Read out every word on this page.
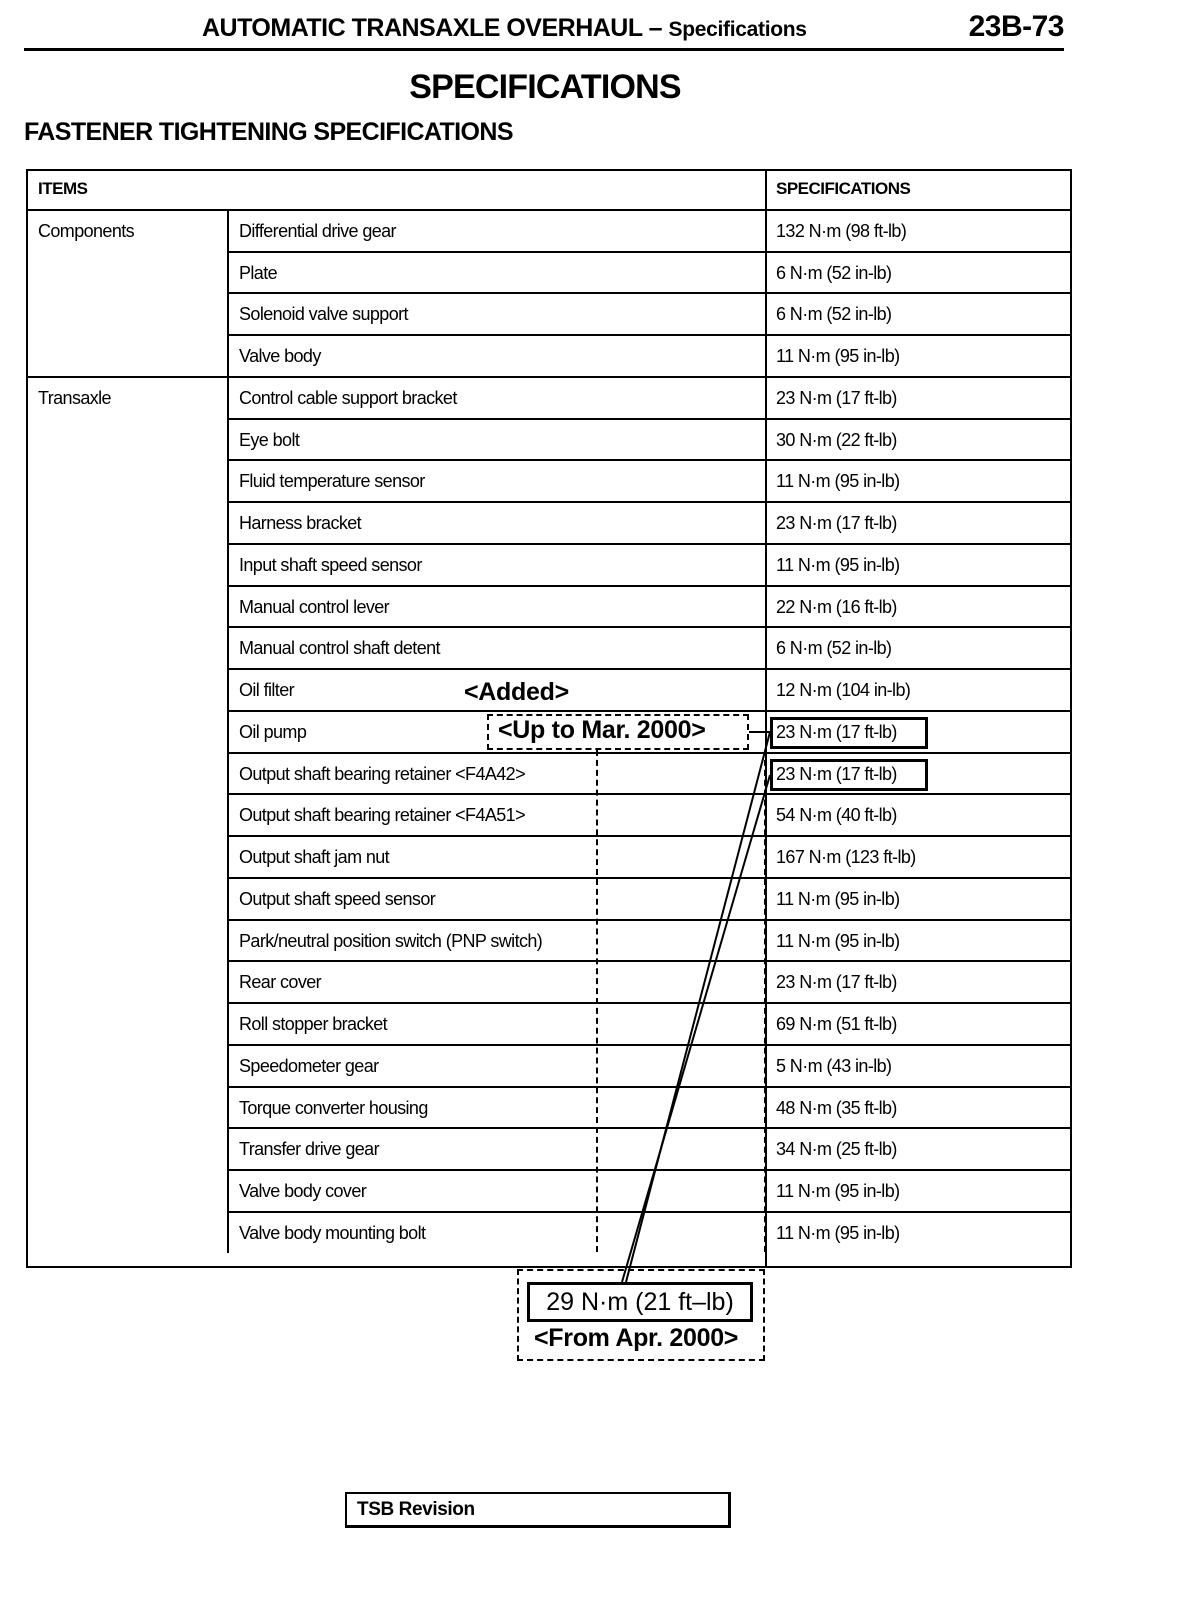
AUTOMATIC TRANSAXLE OVERHAUL – Specifications	23B-73
SPECIFICATIONS
FASTENER TIGHTENING SPECIFICATIONS
ITEMS	SPECIFICATIONS
Components	Differential drive gear	132 N·m (98 ft-lb)
Plate	6 N·m (52 in-lb)
Solenoid valve support	6 N·m (52 in-lb)
Valve body	11 N·m (95 in-lb)
Transaxle	Control cable support bracket	23 N·m (17 ft-lb)
Eye bolt	30 N·m (22 ft-lb)
Fluid temperature sensor	11 N·m (95 in-lb)
Harness bracket	23 N·m (17 ft-lb)
Input shaft speed sensor	11 N·m (95 in-lb)
Manual control lever	22 N·m (16 ft-lb)
Manual control shaft detent	6 N·m (52 in-lb)
Oil filter	12 N·m (104 in-lb)
Oil pump	23 N·m (17 ft-lb)
Output shaft bearing retainer <F4A42>	23 N·m (17 ft-lb)
Output shaft bearing retainer <F4A51>	54 N·m (40 ft-lb)
Output shaft jam nut	167 N·m (123 ft-lb)
Output shaft speed sensor	11 N·m (95 in-lb)
Park/neutral position switch (PNP switch)	11 N·m (95 in-lb)
Rear cover	23 N·m (17 ft-lb)
Roll stopper bracket	69 N·m (51 ft-lb)
Speedometer gear	5 N·m (43 in-lb)
Torque converter housing	48 N·m (35 ft-lb)
Transfer drive gear	34 N·m (25 ft-lb)
Valve body cover	11 N·m (95 in-lb)
Valve body mounting bolt	11 N·m (95 in-lb)
<Added>
<Up to Mar. 2000>
29 N·m (21 ft–lb)
<From Apr. 2000>
TSB Revision
